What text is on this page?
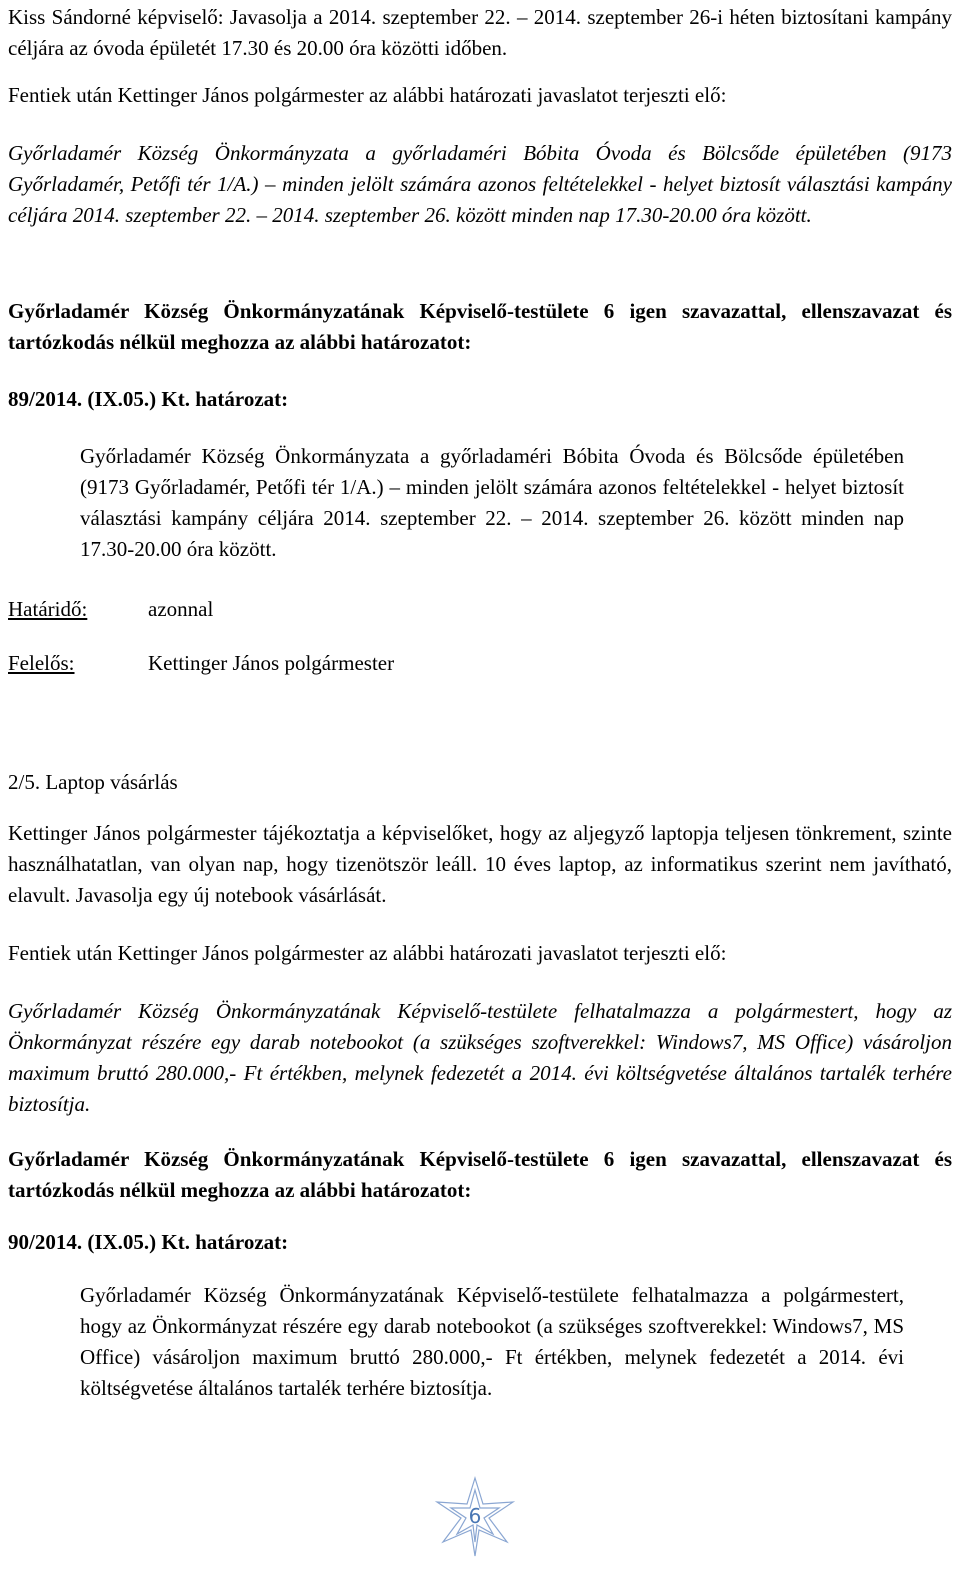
Kiss Sándorné képviselő: Javasolja a 2014. szeptember 22. – 2014. szeptember 26-i héten biztosítani kampány céljára az óvoda épületét 17.30 és 20.00 óra közötti időben.

Fentiek után Kettinger János polgármester az alábbi határozati javaslatot terjeszti elő:

Győrladamér Község Önkormányzata a győrladaméri Bóbita Óvoda és Bölcsőde épületében (9173 Győrladamér, Petőfi tér 1/A.) – minden jelölt számára azonos feltételekkel - helyet biztosít választási kampány céljára 2014. szeptember 22. – 2014. szeptember 26. között minden nap 17.30-20.00 óra között.

Győrladamér Község Önkormányzatának Képviselő-testülete 6 igen szavazattal, ellenszavazat és tartózkodás nélkül meghozza az alábbi határozatot:

89/2014. (IX.05.) Kt. határozat:

Győrladamér Község Önkormányzata a győrladaméri Bóbita Óvoda és Bölcsőde épületében (9173 Győrladamér, Petőfi tér 1/A.) – minden jelölt számára azonos feltételekkel - helyet biztosít választási kampány céljára 2014. szeptember 22. – 2014. szeptember 26. között minden nap 17.30-20.00 óra között.

Határidő:	azonnal
Felelős:	Kettinger János polgármester

2/5. Laptop vásárlás

Kettinger János polgármester tájékoztatja a képviselőket, hogy az aljegyző laptopja teljesen tönkrement, szinte használhatatlan, van olyan nap, hogy tizenötször leáll. 10 éves laptop, az informatikus szerint nem javítható, elavult. Javasolja egy új notebook vásárlását.

Fentiek után Kettinger János polgármester az alábbi határozati javaslatot terjeszti elő:

Győrladamér Község Önkormányzatának Képviselő-testülete felhatalmazza a polgármestert, hogy az Önkormányzat részére egy darab notebookot (a szükséges szoftverekkel: Windows7, MS Office) vásároljon maximum bruttó 280.000,- Ft értékben, melynek fedezetét a 2014. évi költségvetése általános tartalék terhére biztosítja.

Győrladamér Község Önkormányzatának Képviselő-testülete 6 igen szavazattal, ellenszavazat és tartózkodás nélkül meghozza az alábbi határozatot:

90/2014. (IX.05.) Kt. határozat:

Győrladamér Község Önkormányzatának Képviselő-testülete felhatalmazza a polgármestert, hogy az Önkormányzat részére egy darab notebookot (a szükséges szoftverekkel: Windows7, MS Office) vásároljon maximum bruttó 280.000,- Ft értékben, melynek fedezetét a 2014. évi költségvetése általános tartalék terhére biztosítja.

6
